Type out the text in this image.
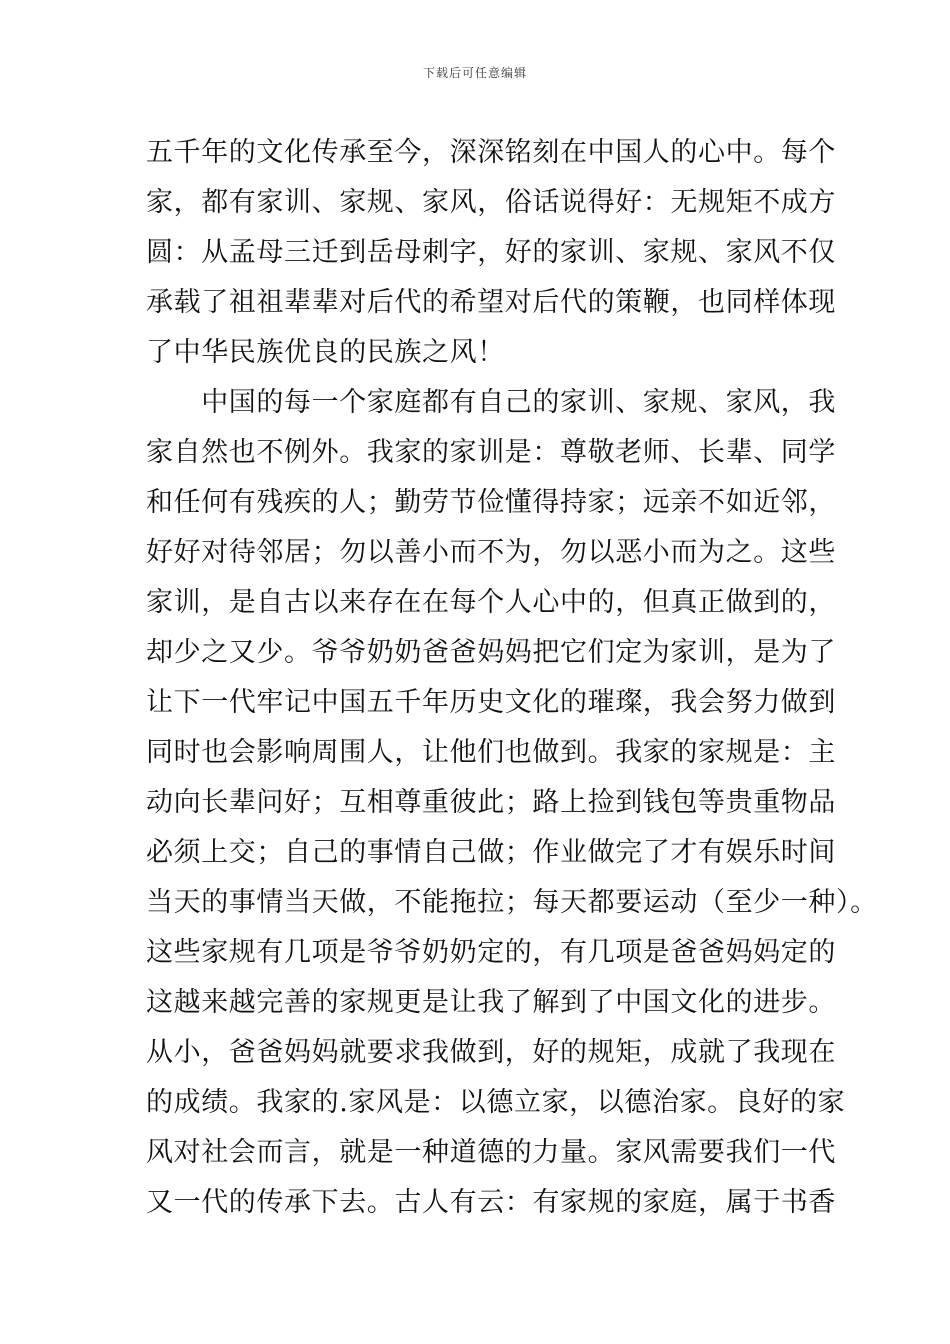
下载后可任意编辑
五千年的文化传承至今，深深铭刻在中国人的心中。每个
家，都有家训、家规、家风，俗话说得好：无规矩不成方
圆：从孟母三迁到岳母刺字，好的家训、家规、家风不仅
承载了祖祖辈辈对后代的希望对后代的策鞭，也同样体现
了中华民族优良的民族之风！
　　中国的每一个家庭都有自己的家训、家规、家风，我
家自然也不例外。我家的家训是：尊敬老师、长辈、同学
和任何有残疾的人；勤劳节俭懂得持家；远亲不如近邻，
好好对待邻居；勿以善小而不为，勿以恶小而为之。这些
家训，是自古以来存在在每个人心中的，但真正做到的，
却少之又少。爷爷奶奶爸爸妈妈把它们定为家训，是为了
让下一代牢记中国五千年历史文化的璀璨，我会努力做到
同时也会影响周围人，让他们也做到。我家的家规是：主
动向长辈问好；互相尊重彼此；路上捡到钱包等贵重物品
必须上交；自己的事情自己做；作业做完了才有娱乐时间
当天的事情当天做，不能拖拉；每天都要运动（至少一种）。
这些家规有几项是爷爷奶奶定的，有几项是爸爸妈妈定的
这越来越完善的家规更是让我了解到了中国文化的进步。
从小，爸爸妈妈就要求我做到，好的规矩，成就了我现在
的成绩。我家的.家风是：以德立家，以德治家。良好的家
风对社会而言，就是一种道德的力量。家风需要我们一代
又一代的传承下去。古人有云：有家规的家庭，属于书香
